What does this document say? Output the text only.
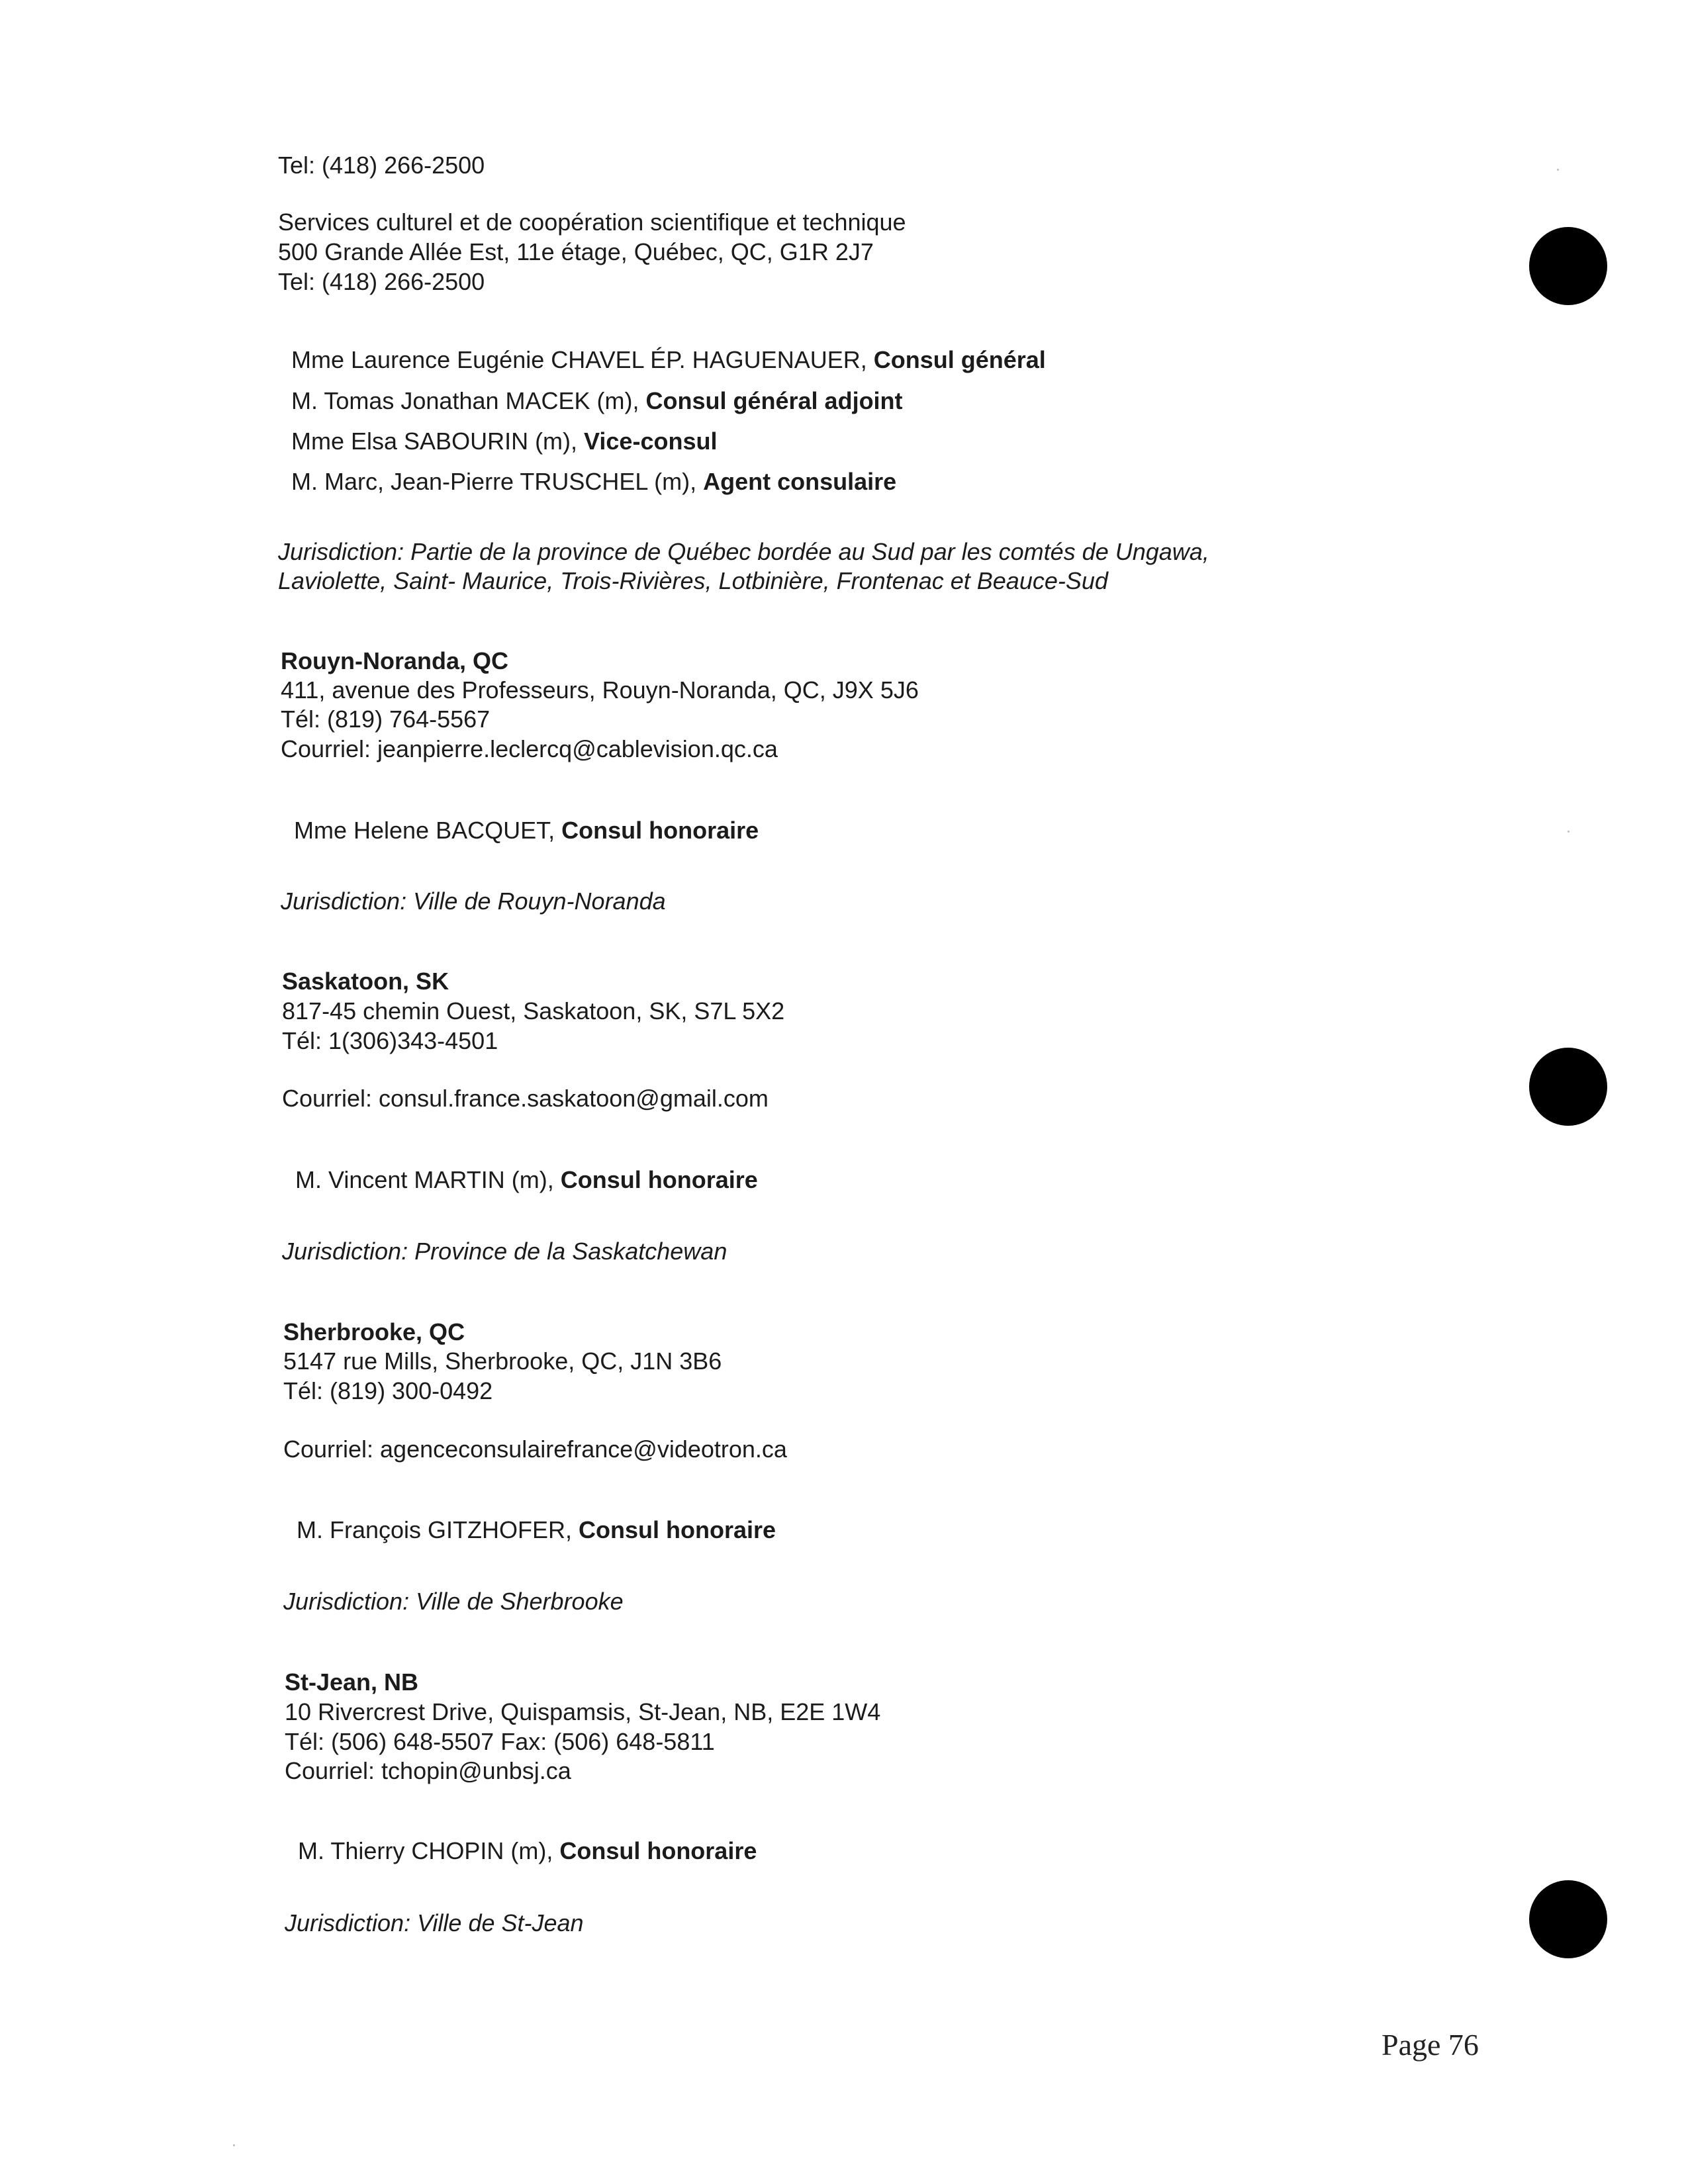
Tel: (418) 266-2500
Services culturel et de coopération scientifique et technique
500 Grande Allée Est, 11e étage, Québec, QC, G1R 2J7
Tel: (418) 266-2500
Mme Laurence Eugénie CHAVEL ÉP. HAGUENAUER, Consul général
M. Tomas Jonathan MACEK (m), Consul général adjoint
Mme Elsa SABOURIN (m), Vice-consul
M. Marc, Jean-Pierre TRUSCHEL (m), Agent consulaire
Jurisdiction: Partie de la province de Québec bordée au Sud par les comtés de Ungawa,
Laviolette, Saint- Maurice, Trois-Rivières, Lotbinière, Frontenac et Beauce-Sud
Rouyn-Noranda, QC
411, avenue des Professeurs, Rouyn-Noranda, QC, J9X 5J6
Tél: (819) 764-5567
Courriel: jeanpierre.leclercq@cablevision.qc.ca
Mme Helene BACQUET, Consul honoraire
Jurisdiction: Ville de Rouyn-Noranda
Saskatoon, SK
817-45 chemin Ouest, Saskatoon, SK, S7L 5X2
Tél: 1(306)343-4501
Courriel: consul.france.saskatoon@gmail.com
M. Vincent MARTIN (m), Consul honoraire
Jurisdiction: Province de la Saskatchewan
Sherbrooke, QC
5147 rue Mills, Sherbrooke, QC, J1N 3B6
Tél: (819) 300-0492
Courriel: agenceconsulairefrance@videotron.ca
M. François GITZHOFER, Consul honoraire
Jurisdiction: Ville de Sherbrooke
St-Jean, NB
10 Rivercrest Drive, Quispamsis, St-Jean, NB, E2E 1W4
Tél: (506) 648-5507 Fax: (506) 648-5811
Courriel: tchopin@unbsj.ca
M. Thierry CHOPIN (m), Consul honoraire
Jurisdiction: Ville de St-Jean
Page 76
